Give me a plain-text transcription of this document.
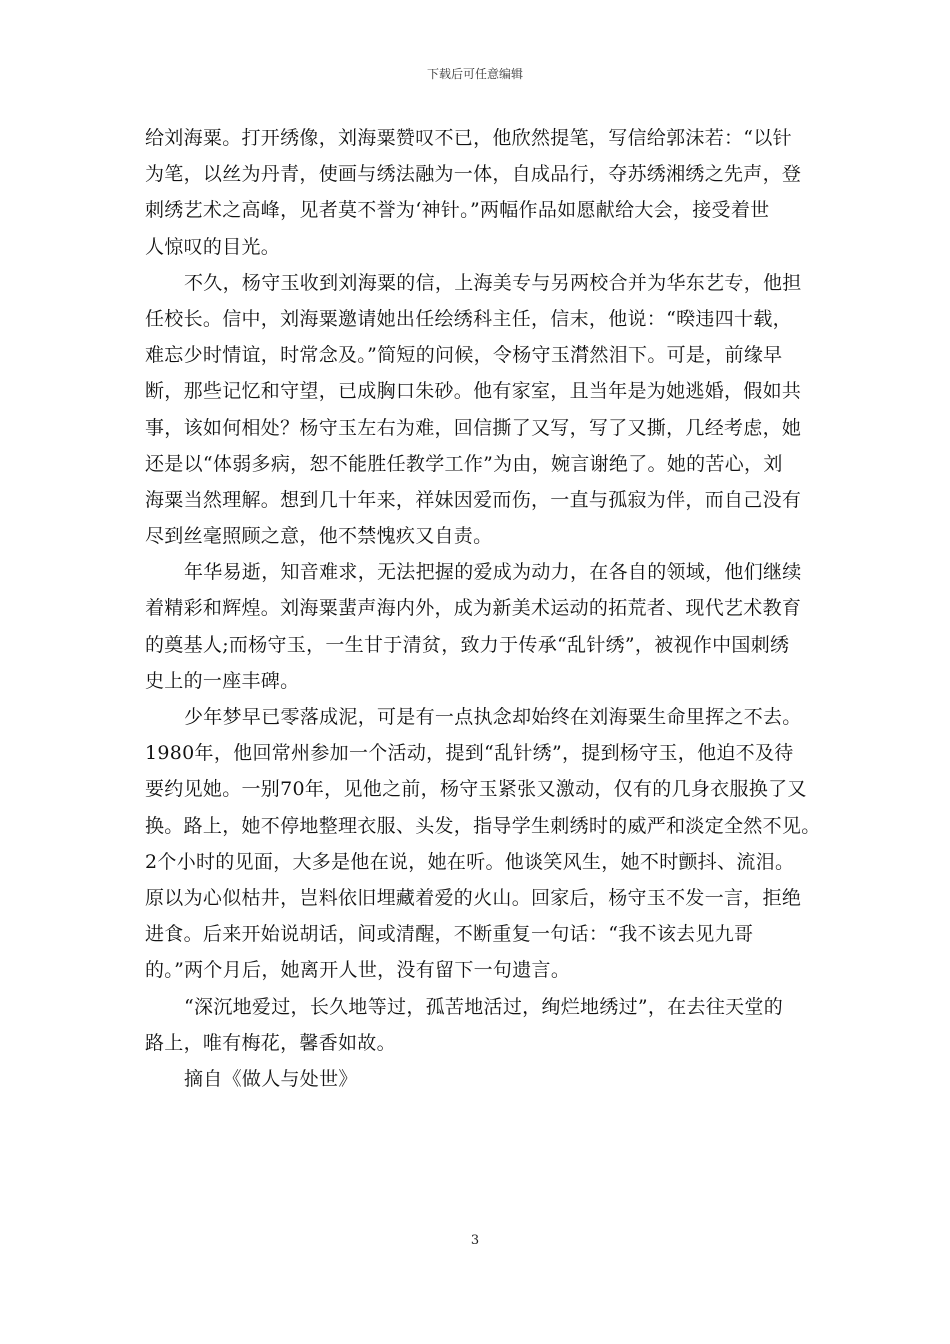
下载后可任意编辑
给刘海粟。打开绣像，刘海粟赞叹不已，他欣然提笔，写信给郭沫若：“以针
为笔，以丝为丹青，使画与绣法融为一体，自成品行，夺苏绣湘绣之先声，登
刺绣艺术之高峰，见者莫不誉为‘神针。”两幅作品如愿献给大会，接受着世
人惊叹的目光。
不久，杨守玉收到刘海粟的信，上海美专与另两校合并为华东艺专，他担
任校长。信中，刘海粟邀请她出任绘绣科主任，信末，他说：“暌违四十载，
难忘少时情谊，时常念及。”简短的问候，令杨守玉潸然泪下。可是，前缘早
断，那些记忆和守望，已成胸口朱砂。他有家室，且当年是为她逃婚，假如共
事，该如何相处？杨守玉左右为难，回信撕了又写，写了又撕，几经考虑，她
还是以“体弱多病，恕不能胜任教学工作”为由，婉言谢绝了。她的苦心，刘
海粟当然理解。想到几十年来，祥妹因爱而伤，一直与孤寂为伴，而自己没有
尽到丝毫照顾之意，他不禁愧疚又自责。
年华易逝，知音难求，无法把握的爱成为动力，在各自的领域，他们继续
着精彩和辉煌。刘海粟蜚声海内外，成为新美术运动的拓荒者、现代艺术教育
的奠基人;而杨守玉，一生甘于清贫，致力于传承“乱针绣”，被视作中国刺绣
史上的一座丰碑。
少年梦早已零落成泥，可是有一点执念却始终在刘海粟生命里挥之不去。
1980年，他回常州参加一个活动，提到“乱针绣”，提到杨守玉，他迫不及待
要约见她。一别70年，见他之前，杨守玉紧张又激动，仅有的几身衣服换了又
换。路上，她不停地整理衣服、头发，指导学生刺绣时的威严和淡定全然不见。
2个小时的见面，大多是他在说，她在听。他谈笑风生，她不时颤抖、流泪。
原以为心似枯井，岂料依旧埋藏着爱的火山。回家后，杨守玉不发一言，拒绝
进食。后来开始说胡话，间或清醒，不断重复一句话：“我不该去见九哥
的。”两个月后，她离开人世，没有留下一句遗言。
“深沉地爱过，长久地等过，孤苦地活过，绚烂地绣过”，在去往天堂的
路上，唯有梅花，馨香如故。
摘自《做人与处世》
3
